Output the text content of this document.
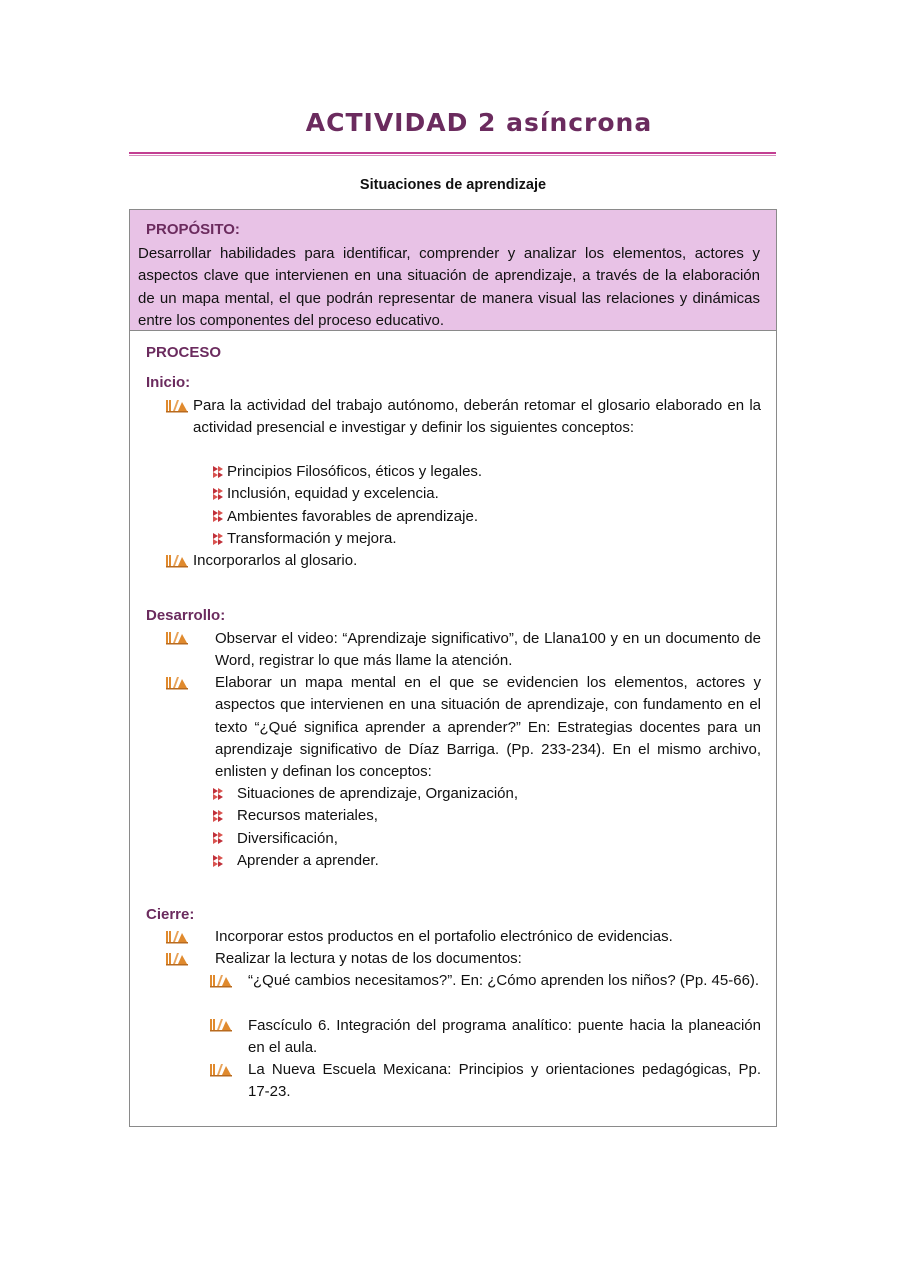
ACTIVIDAD 2 asíncrona
Situaciones de aprendizaje
PROPÓSITO:
Desarrollar habilidades para identificar, comprender y analizar los elementos, actores y aspectos clave que intervienen en una situación de aprendizaje, a través de la elaboración de un mapa mental, el que podrán representar de manera visual las relaciones y dinámicas entre los componentes del proceso educativo.
PROCESO
Inicio:
Para la actividad del trabajo autónomo, deberán retomar el glosario elaborado en la actividad presencial e investigar y definir los siguientes conceptos:
Principios Filosóficos, éticos y legales.
Inclusión, equidad y excelencia.
Ambientes favorables de aprendizaje.
Transformación y mejora.
Incorporarlos al glosario.
Desarrollo:
Observar el video: “Aprendizaje significativo”, de Llana100 y en un documento de Word, registrar lo que más llame la atención.
Elaborar un mapa mental en el que se evidencien los elementos, actores y aspectos que intervienen en una situación de aprendizaje, con fundamento en el texto “¿Qué significa aprender a aprender?” En: Estrategias docentes para un aprendizaje significativo de Díaz Barriga. (Pp. 233-234). En el mismo archivo, enlisten y definan los conceptos:
Situaciones de aprendizaje, Organización,
Recursos materiales,
Diversificación,
Aprender a aprender.
Cierre:
Incorporar estos productos en el portafolio electrónico de evidencias.
Realizar la lectura y notas de los documentos:
“¿Qué cambios necesitamos?”. En: ¿Cómo aprenden los niños? (Pp. 45-66).
Fascículo 6. Integración del programa analítico: puente hacia la planeación en el aula.
La Nueva Escuela Mexicana: Principios y orientaciones pedagógicas, Pp. 17-23.
